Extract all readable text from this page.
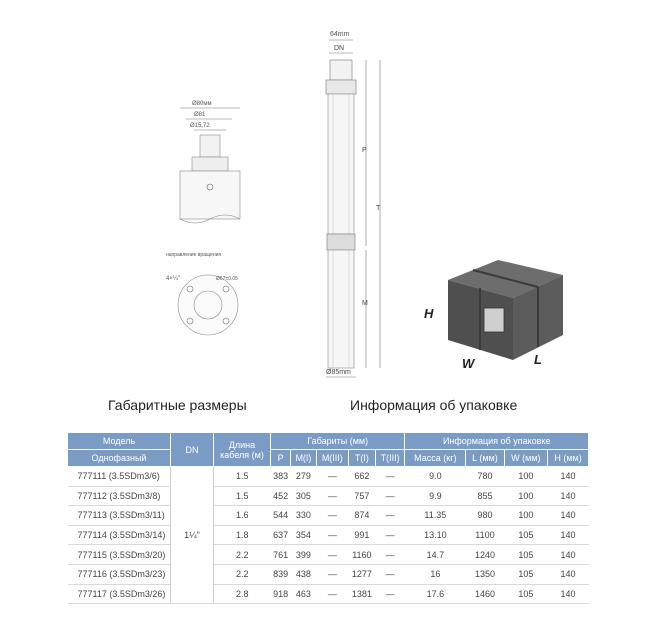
64mm
DN
P
T
M
Ø85mm
Ø80мм
Ø81
Ø15,72
направление вращения
4×¼"	Ø67±0.05
H
W	L
Габаритные размеры	Информация об упаковке
Модель	DN	Длина кабеля (м)	Габариты (мм)					Информация об упаковке			
Однофазный			P	M(I)	M(III)	T(I)	T(III)	Масса (кг)	L (мм)	W (мм)	H (мм)
777111 (3.5SDm3/6)	1¼"	1.5	383	279	—	662	—	9.0	780	100	140
777112 (3.5SDm3/8)		1.5	452	305	—	757	—	9.9	855	100	140
777113 (3.5SDm3/11)		1.6	544	330	—	874	—	11.35	980	100	140
777114 (3.5SDm3/14)		1.8	637	354	—	991	—	13.10	1100	105	140
777115 (3.5SDm3/20)		2.2	761	399	—	1160	—	14.7	1240	105	140
777116 (3.5SDm3/23)		2.2	839	438	—	1277	—	16	1350	105	140
777117 (3.5SDm3/26)		2.8	918	463	—	1381	—	17.6	1460	105	140
